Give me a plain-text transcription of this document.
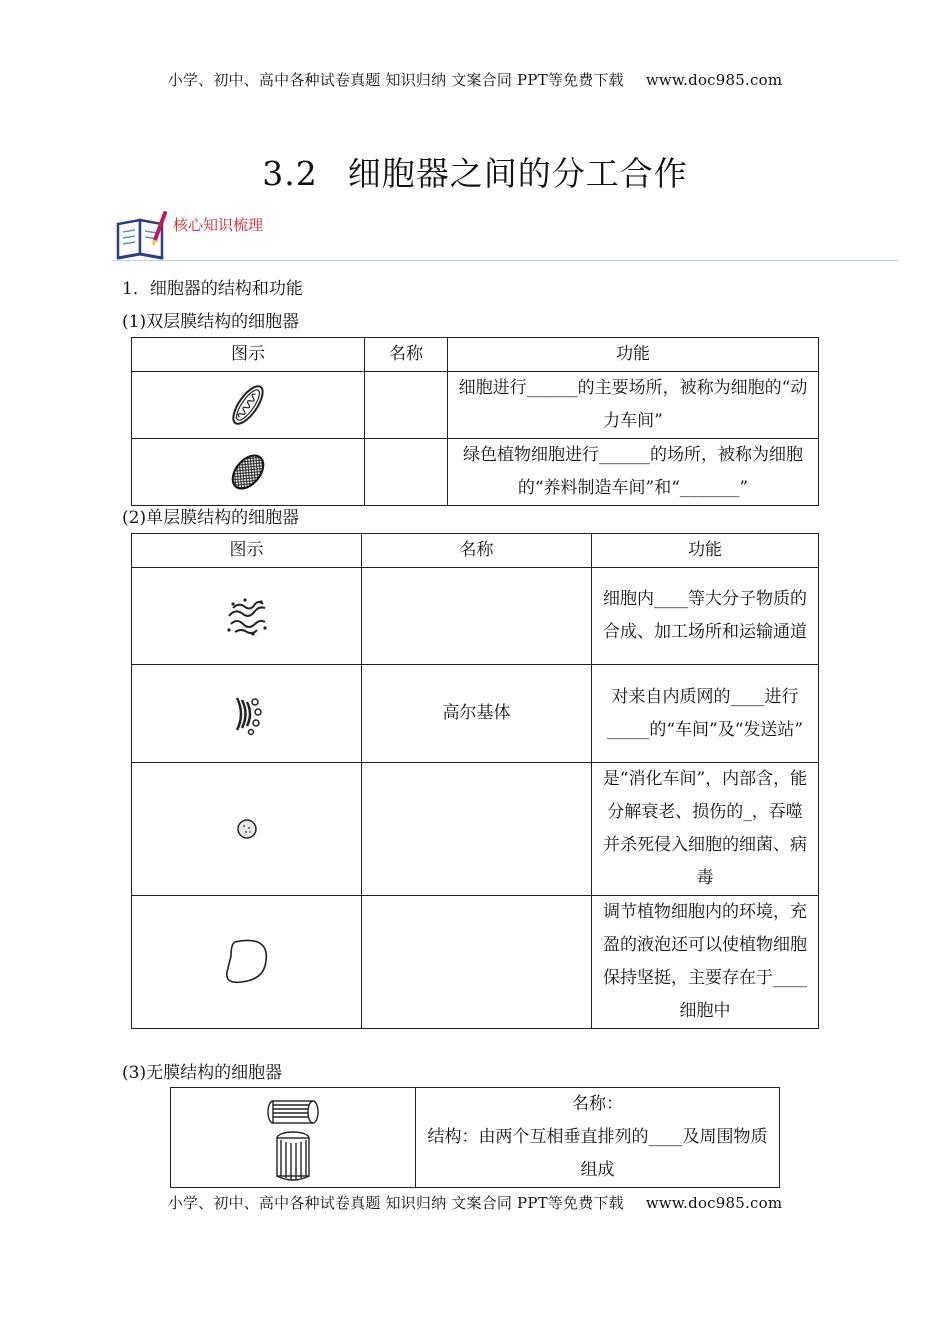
小学、初中、高中各种试卷真题 知识归纳 文案合同 PPT等免费下载 www.doc985.com
3.2 细胞器之间的分工合作
核心知识梳理
1．细胞器的结构和功能
(1)双层膜结构的细胞器
图示	名称	功能

		细胞进行______的主要场所，被称为细胞的“动力车间”

		绿色植物细胞进行______的场所，被称为细胞的“养料制造车间”和“_______”
(2)单层膜结构的细胞器
图示	名称	功能

		细胞内____等大分子物质的合成、加工场所和运输通道

	高尔基体	对来自内质网的____进行_____的“车间”及“发送站”

		是“消化车间”，内部含，能分解衰老、损伤的_，吞噬并杀死侵入细胞的细菌、病毒

		调节植物细胞内的环境，充盈的液泡还可以使植物细胞保持坚挺，主要存在于____细胞中
(3)无膜结构的细胞器

名称：
结构：由两个互相垂直排列的____及周围物质组成
小学、初中、高中各种试卷真题 知识归纳 文案合同 PPT等免费下载 www.doc985.com
